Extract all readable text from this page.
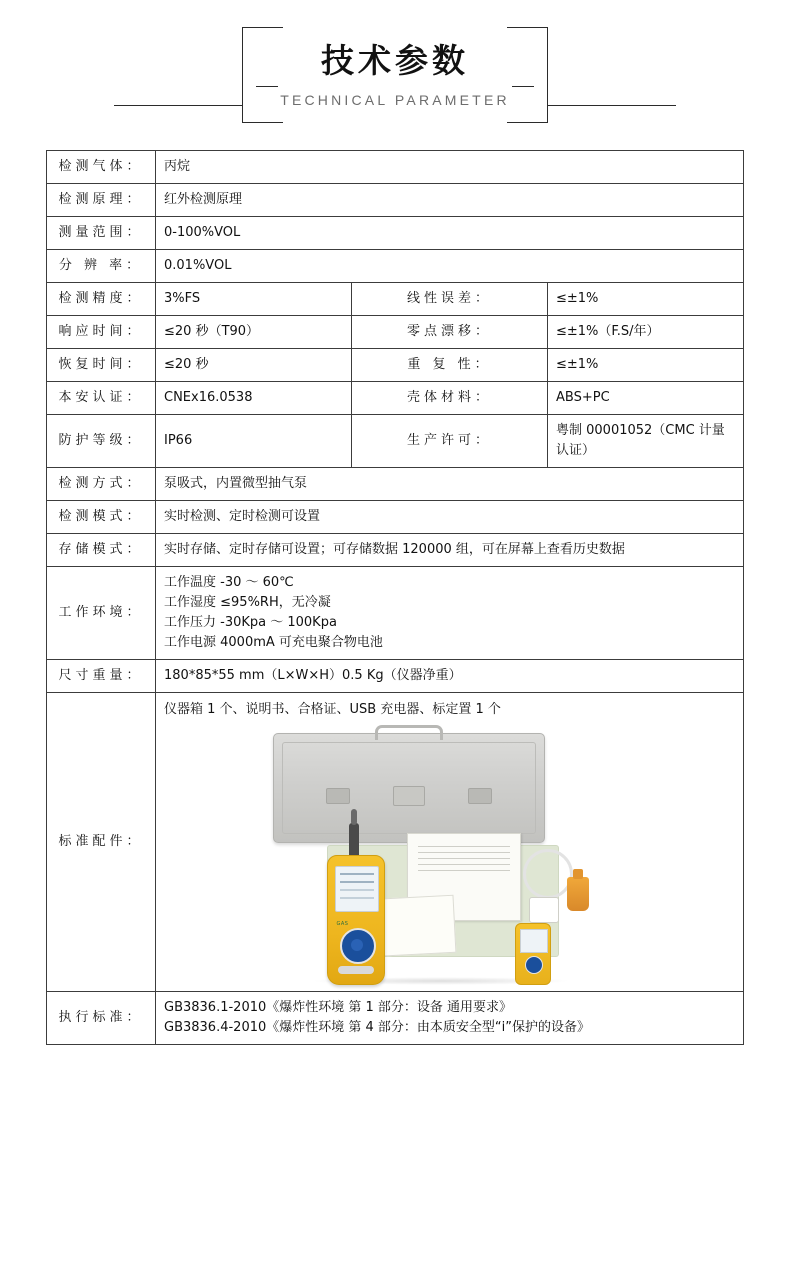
技术参数
TECHNICAL PARAMETER
检测气体：	丙烷		
检测原理：	红外检测原理		
测量范围：	0-100%VOL		
分 辨 率：	0.01%VOL		
检测精度：	3%FS	线性误差：	≤±1%
响应时间：	≤20 秒（T90）	零点漂移：	≤±1%（F.S/年）
恢复时间：	≤20 秒	重 复 性：	≤±1%
本安认证：	CNEx16.0538	壳体材料：	ABS+PC
防护等级：	IP66	生产许可：	粤制 00001052（CMC 计量认证）
检测方式：	泵吸式，内置微型抽气泵		
检测模式：	实时检测、定时检测可设置		
存储模式：	实时存储、定时存储可设置；可存储数据 120000 组，可在屏幕上查看历史数据		
工作环境：	工作温度 -30 ～ 60℃
工作湿度 ≤95%RH，无冷凝
工作压力 -30Kpa ～ 100Kpa
工作电源 4000mA 可充电聚合物电池		

尺寸重量：	180*85*55 mm（L×W×H）0.5 Kg（仪器净重）		
标准配件：	仪器箱 1 个、说明书、合格证、USB 充电器、标定置 1 个
GAS		

执行标准：	GB3836.1-2010《爆炸性环境 第 1 部分：设备 通用要求》
GB3836.4-2010《爆炸性环境 第 4 部分：由本质安全型“i”保护的设备》		
